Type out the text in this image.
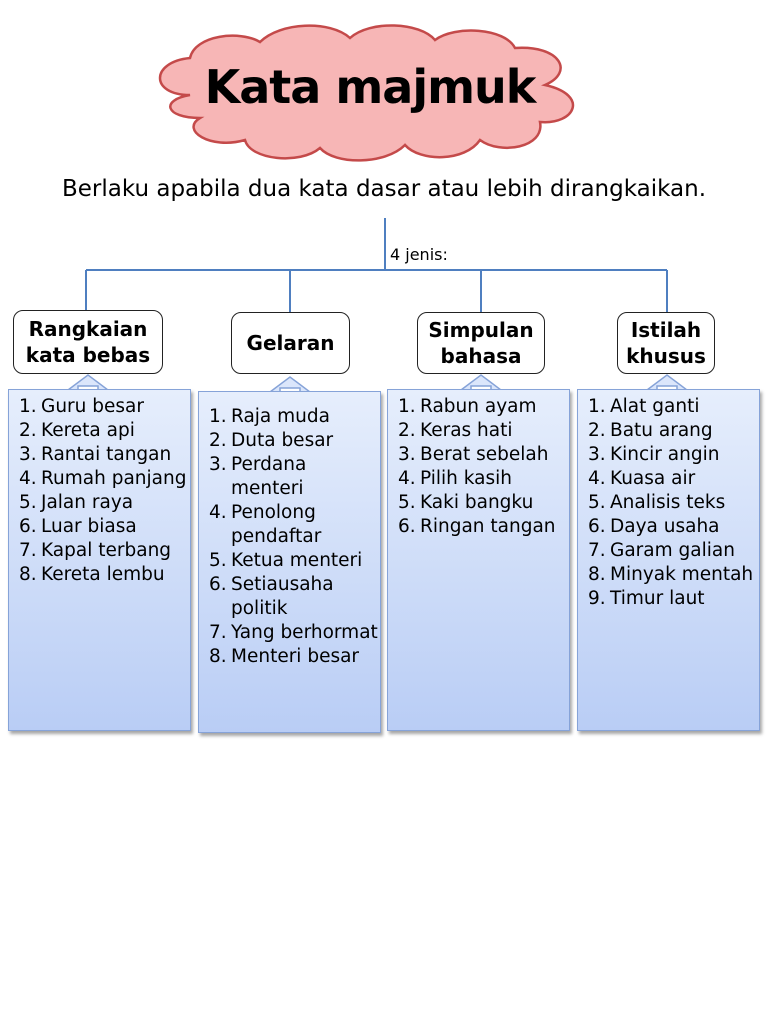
Kata majmuk
Berlaku apabila dua kata dasar atau lebih dirangkaikan.
4 jenis:
Rangkaian kata bebas	Gelaran
Simpulan bahasa
Istilah khusus
1. Guru besar
2. Kereta api
3. Rantai tangan
4. Rumah panjang
5. Jalan raya
6. Luar biasa
7. Kapal terbang
8. Kereta lembu
1. Raja muda
2. Duta besar
3. Perdana menteri
4. Penolong pendaftar
5. Ketua menteri
6. Setiausaha politik
7. Yang berhormat
8. Menteri besar
1. Rabun ayam
2. Keras hati
3. Berat sebelah
4. Pilih kasih
5. Kaki bangku
6. Ringan tangan
1. Alat ganti
2. Batu arang
3. Kincir angin
4. Kuasa air
5. Analisis teks
6. Daya usaha
7. Garam galian
8. Minyak mentah
9. Timur laut
